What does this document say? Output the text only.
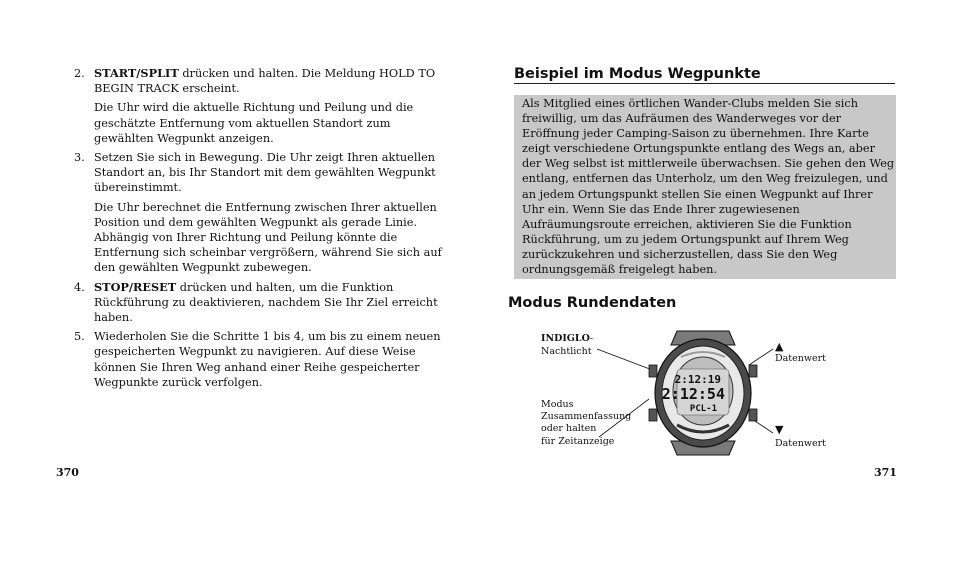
2. START/SPLIT drücken und halten. Die Meldung HOLD TO BEGIN TRACK erscheint.

Die Uhr wird die aktuelle Richtung und Peilung und die geschätzte Entfernung vom aktuellen Standort zum gewählten Wegpunkt anzeigen.

3. Setzen Sie sich in Bewegung. Die Uhr zeigt Ihren aktuellen Standort an, bis Ihr Standort mit dem gewählten Wegpunkt übereinstimmt.

Die Uhr berechnet die Entfernung zwischen Ihrer aktuellen Position und dem gewählten Wegpunkt als gerade Linie. Abhängig von Ihrer Richtung und Peilung könnte die Entfernung sich scheinbar vergrößern, während Sie sich auf den gewählten Wegpunkt zubewegen.

4. STOP/RESET drücken und halten, um die Funktion Rückführung zu deaktivieren, nachdem Sie Ihr Ziel erreicht haben.

5. Wiederholen Sie die Schritte 1 bis 4, um bis zu einem neuen gespeicherten Wegpunkt zu navigieren. Auf diese Weise können Sie Ihren Weg anhand einer Reihe gespeicherter Wegpunkte zurück verfolgen.

370
Beispiel im Modus Wegpunkte

Als Mitglied eines örtlichen Wander-Clubs melden Sie sich freiwillig, um das Aufräumen des Wanderweges vor der Eröffnung jeder Camping-Saison zu übernehmen. Ihre Karte zeigt verschiedene Ortungspunkte entlang des Wegs an, aber der Weg selbst ist mittlerweile überwachsen. Sie gehen den Weg entlang, entfernen das Unterholz, um den Weg freizulegen, und an jedem Ortungspunkt stellen Sie einen Wegpunkt auf Ihrer Uhr ein. Wenn Sie das Ende Ihrer zugewiesenen Aufräumungsroute erreichen, aktivieren Sie die Funktion Rückführung, um zu jedem Ortungspunkt auf Ihrem Weg zurückzukehren und sicherzustellen, dass Sie den Weg ordnungsgemäß freigelegt haben.

Modus Rundendaten
INDIGLO-
Nachtlicht
Modus
Zusammenfassung
oder halten
für Zeitanzeige
▲
Datenwert
▼
Datenwert
2:12:19
2:12:54
PCL-1
371
